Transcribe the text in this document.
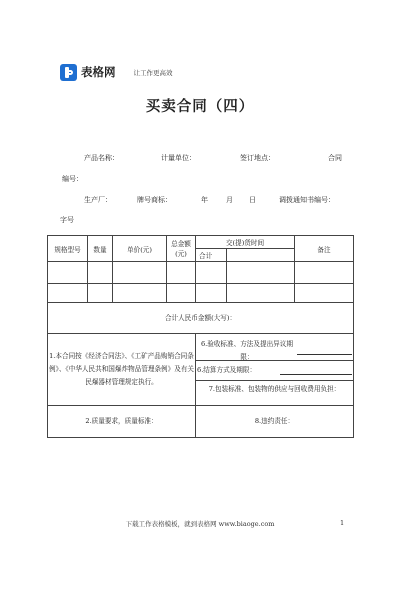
表格网	让工作更高效
买卖合同（四）
产品名称：	计量单位：	签订地点：	合同
编号：
生产厂：	牌号商标：	年	月 日	调拨通知书编号：
字号
规格型号	数量	单价(元)	总金额(元)	交(提)货时间		备注
				合计		

合计人民币金额(大写)：						
1.本合同按《经济合同法》、《工矿产品购销合同条例》、《中华人民共和国爆炸物品管理条例》及有关民爆器材管理规定执行。				6.验收标准、方法及提出异议期限：
6.结算方式及期限：
7.包装标准、包装物的供应与回收费用负担：		

2.质量要求，质量标准：				8.违约责任：		
下载工作表格模板，就到表格网 www.biaoge.com	1
